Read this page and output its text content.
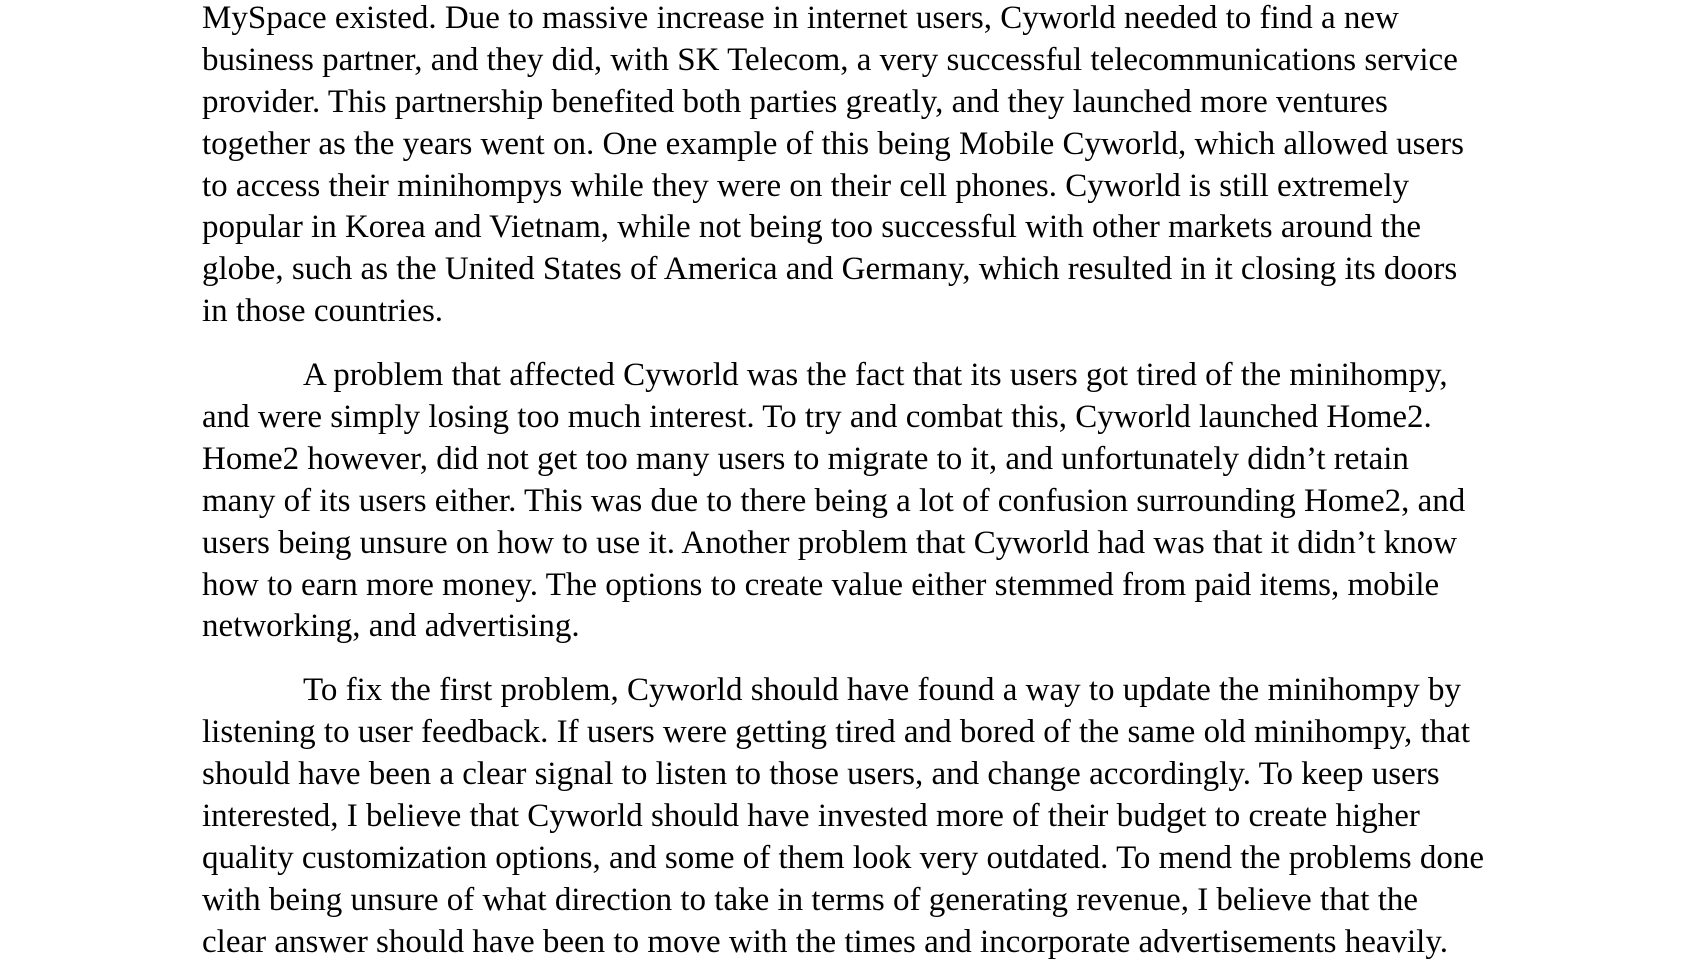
MySpace existed. Due to massive increase in internet users, Cyworld needed to find a new
business partner, and they did, with SK Telecom, a very successful telecommunications service
provider. This partnership benefited both parties greatly, and they launched more ventures
together as the years went on. One example of this being Mobile Cyworld, which allowed users
to access their minihompys while they were on their cell phones. Cyworld is still extremely
popular in Korea and Vietnam, while not being too successful with other markets around the
globe, such as the United States of America and Germany, which resulted in it closing its doors
in those countries.

A problem that affected Cyworld was the fact that its users got tired of the minihompy,
and were simply losing too much interest. To try and combat this, Cyworld launched Home2.
Home2 however, did not get too many users to migrate to it, and unfortunately didn’t retain
many of its users either. This was due to there being a lot of confusion surrounding Home2, and
users being unsure on how to use it. Another problem that Cyworld had was that it didn’t know
how to earn more money. The options to create value either stemmed from paid items, mobile
networking, and advertising.

To fix the first problem, Cyworld should have found a way to update the minihompy by
listening to user feedback. If users were getting tired and bored of the same old minihompy, that
should have been a clear signal to listen to those users, and change accordingly. To keep users
interested, I believe that Cyworld should have invested more of their budget to create higher
quality customization options, and some of them look very outdated. To mend the problems done
with being unsure of what direction to take in terms of generating revenue, I believe that the
clear answer should have been to move with the times and incorporate advertisements heavily.
